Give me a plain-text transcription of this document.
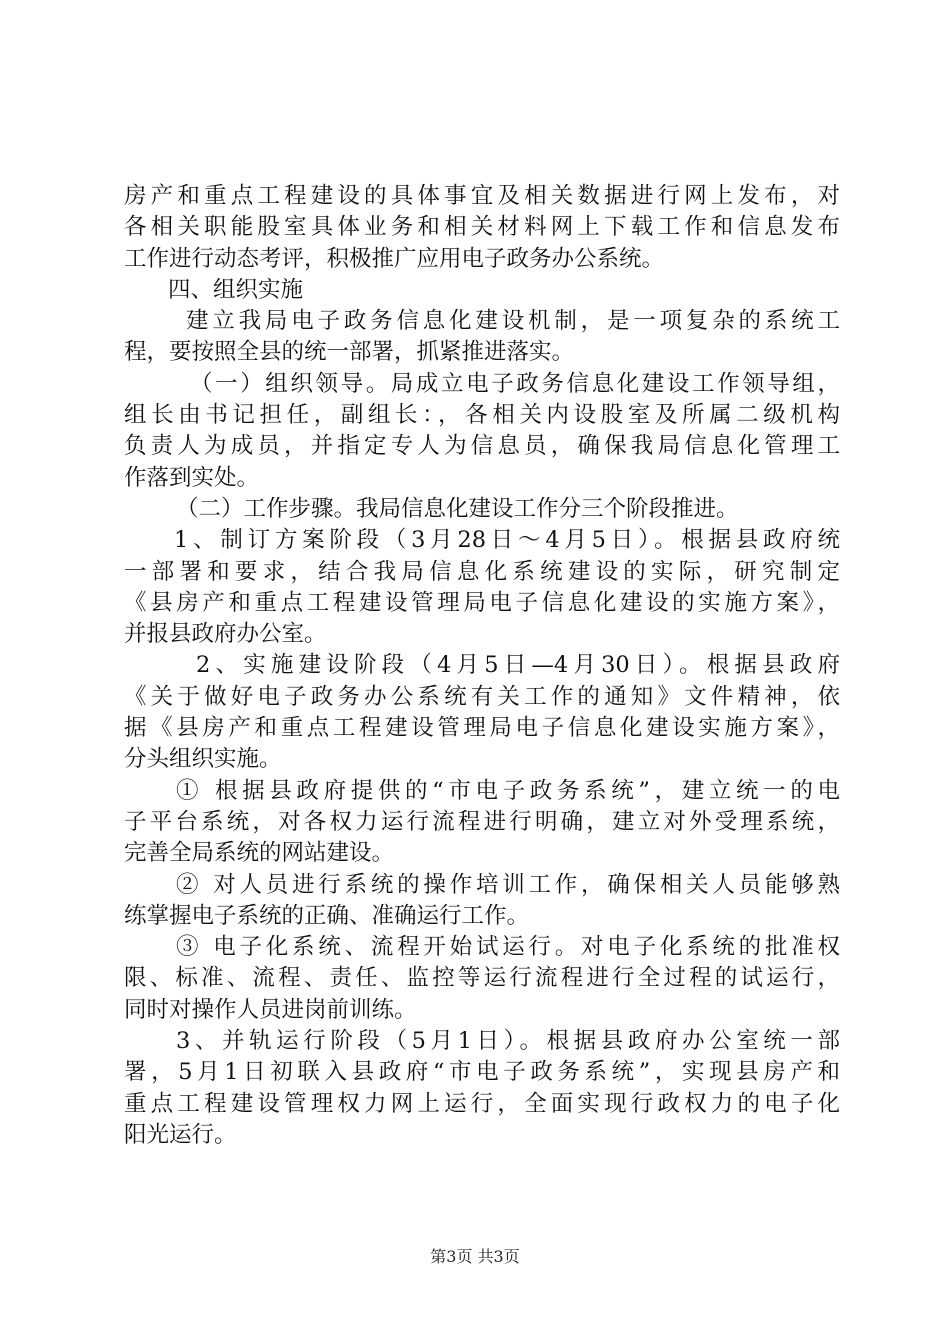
房产和重点工程建设的具体事宜及相关数据进行网上发布，对
各相关职能股室具体业务和相关材料网上下载工作和信息发布
工作进行动态考评，积极推广应用电子政务办公系统。
四、组织实施
建立我局电子政务信息化建设机制，是一项复杂的系统工
程，要按照全县的统一部署，抓紧推进落实。
（一）组织领导。局成立电子政务信息化建设工作领导组，
组长由书记担任，副组长：，各相关内设股室及所属二级机构
负责人为成员，并指定专人为信息员，确保我局信息化管理工
作落到实处。
（二）工作步骤。我局信息化建设工作分三个阶段推进。
1、制订方案阶段（3月28日～4月5日）。根据县政府统
一部署和要求，结合我局信息化系统建设的实际，研究制定
《县房产和重点工程建设管理局电子信息化建设的实施方案》，
并报县政府办公室。
2、实施建设阶段（4月5日—4月30日）。根据县政府
《关于做好电子政务办公系统有关工作的通知》文件精神，依
据《县房产和重点工程建设管理局电子信息化建设实施方案》，
分头组织实施。
① 根据县政府提供的“市电子政务系统”，建立统一的电
子平台系统，对各权力运行流程进行明确，建立对外受理系统，
完善全局系统的网站建设。
② 对人员进行系统的操作培训工作，确保相关人员能够熟
练掌握电子系统的正确、准确运行工作。
③ 电子化系统、流程开始试运行。对电子化系统的批准权
限、标准、流程、责任、监控等运行流程进行全过程的试运行，
同时对操作人员进岗前训练。
3、并轨运行阶段（5月1日）。根据县政府办公室统一部
署，5月1日初联入县政府“市电子政务系统”，实现县房产和
重点工程建设管理权力网上运行，全面实现行政权力的电子化
阳光运行。
第3页 共3页
